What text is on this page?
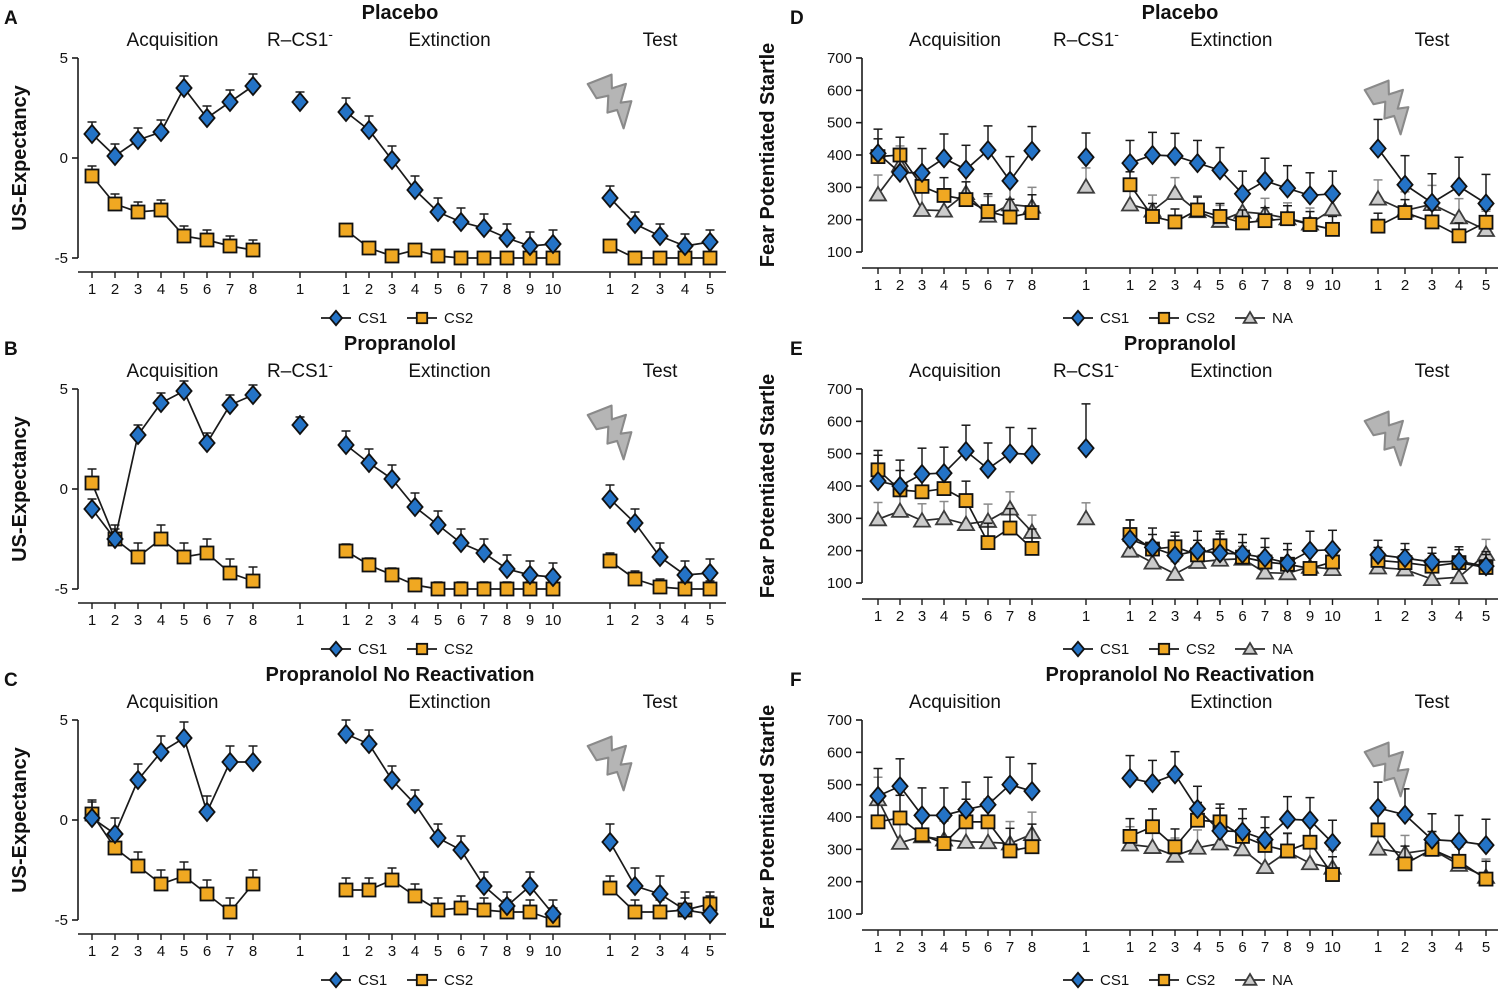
A	Placebo
US-Expectancy
5
0
-5
1 2 3 4 5 6 7 8	1	1 2 3 4 5 6 7 8 9 10	1 2 3 4 5
Acquisition	R–CS1-	Extinction	Test
CS1	CS2
B	Propranolol
US-Expectancy
5
0
-5
1 2 3 4 5 6 7 8	1	1 2 3 4 5 6 7 8 9 10	1 2 3 4 5
Acquisition	R–CS1-	Extinction	Test
CS1	CS2
C	Propranolol No Reactivation
US-Expectancy
5
0
-5
1 2 3 4 5 6 7 8	1	1 2 3 4 5 6 7 8 9 10	1 2 3 4 5
Acquisition	Extinction	Test
CS1	CS2
D	Placebo
Fear Potentiated Startle	700
600
500
400
300
200
100
1 2 3 4 5 6 7 8	1 1 2 3 4 5 6 7 8 9 10 1 2 3 4 5
Acquisition	R–CS1-	Extinction	Test
CS1	CS2	NA
E	Propranolol
Fear Potentiated Startle	700
600
500
400
300
200
100
1 2 3 4 5 6 7 8	1 1 2 3 4 5 6 7 8 9 10 1 2 3 4 5
Acquisition	R–CS1-	Extinction	Test
CS1	CS2	NA
F	Propranolol No Reactivation
Fear Potentiated Startle	700
600
500
400
300
200
100
1 2 3 4 5 6 7 8	1 1 2 3 4 5 6 7 8 9 10 1 2 3 4 5
Acquisition	Extinction	Test
CS1	CS2	NA
